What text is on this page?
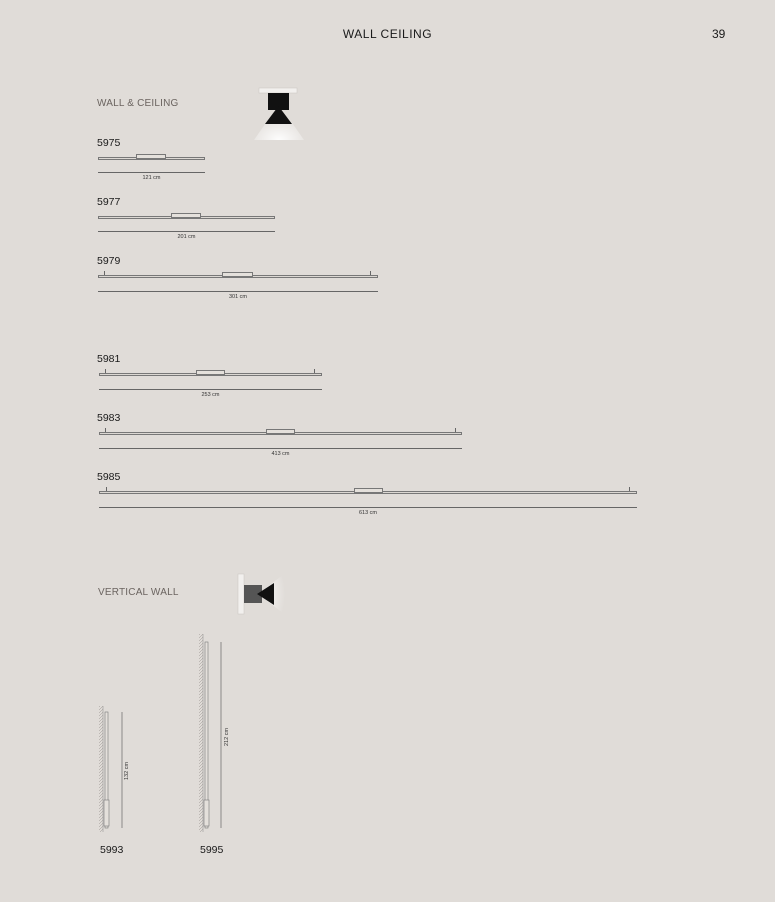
WALL CEILING	39
WALL & CEILING
5975
121 cm
5977
201 cm
5979
301 cm
5981
253 cm
5983
413 cm
5985
613 cm
VERTICAL WALL
132 cm
5993
212 cm
5995
